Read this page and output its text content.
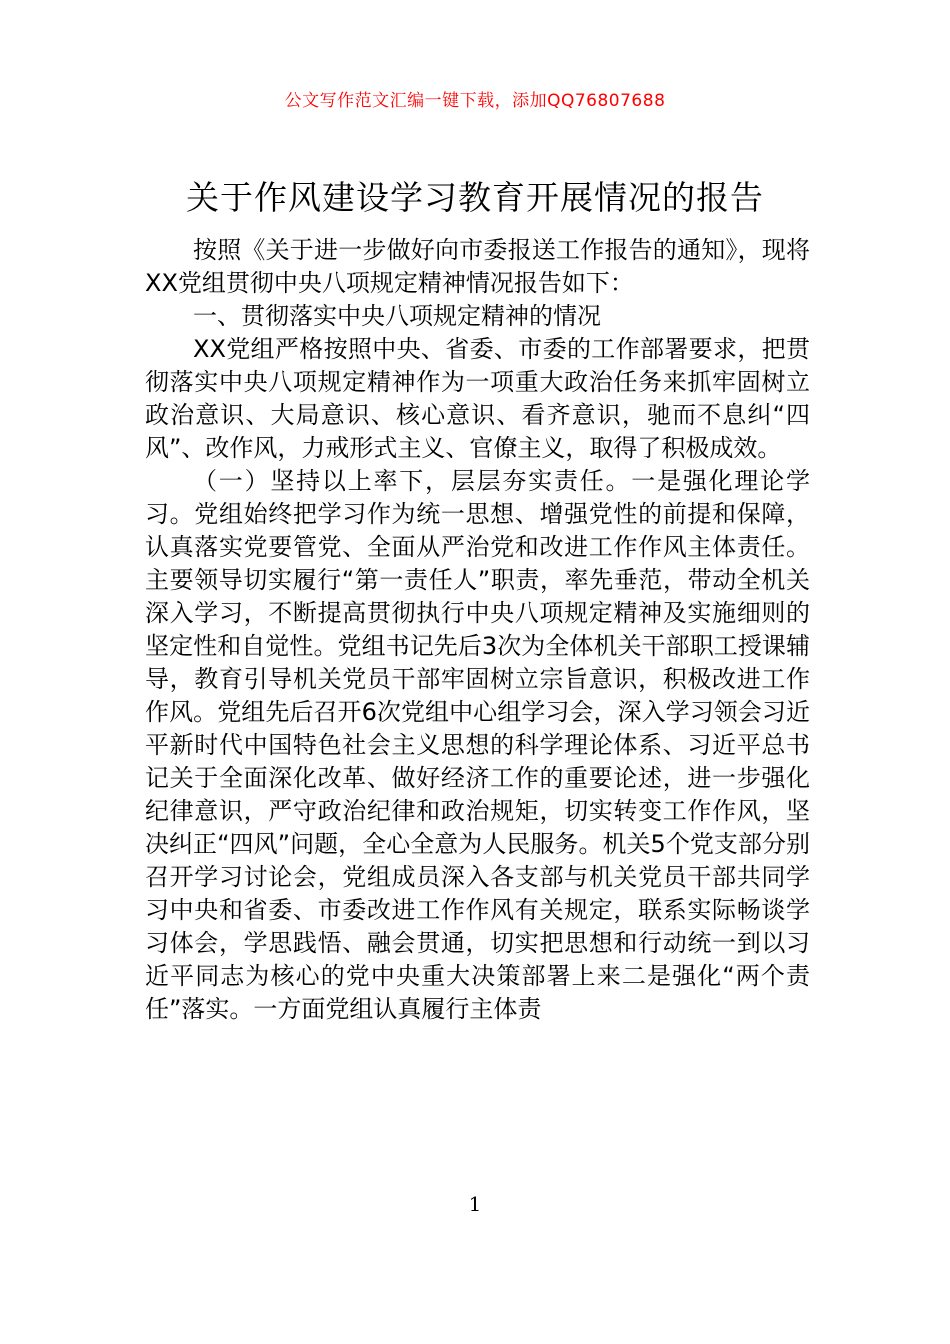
公文写作范文汇编一键下载，添加QQ76807688
关于作风建设学习教育开展情况的报告

按照《关于进一步做好向市委报送工作报告的通知》，现将XX党组贯彻中央八项规定精神情况报告如下：

一、贯彻落实中央八项规定精神的情况

XX党组严格按照中央、省委、市委的工作部署要求，把贯彻落实中央八项规定精神作为一项重大政治任务来抓牢固树立政治意识、大局意识、核心意识、看齐意识，驰而不息纠“四风”、改作风，力戒形式主义、官僚主义，取得了积极成效。

（一）坚持以上率下，层层夯实责任。一是强化理论学习。党组始终把学习作为统一思想、增强党性的前提和保障，认真落实党要管党、全面从严治党和改进工作作风主体责任。主要领导切实履行“第一责任人”职责，率先垂范，带动全机关深入学习，不断提高贯彻执行中央八项规定精神及实施细则的坚定性和自觉性。党组书记先后3次为全体机关干部职工授课辅导，教育引导机关党员干部牢固树立宗旨意识，积极改进工作作风。党组先后召开6次党组中心组学习会，深入学习领会习近平新时代中国特色社会主义思想的科学理论体系、习近平总书记关于全面深化改革、做好经济工作的重要论述，进一步强化纪律意识，严守政治纪律和政治规矩，切实转变工作作风，坚决纠正“四风”问题，全心全意为人民服务。机关5个党支部分别召开学习讨论会，党组成员深入各支部与机关党员干部共同学习中央和省委、市委改进工作作风有关规定，联系实际畅谈学习体会，学思践悟、融会贯通，切实把思想和行动统一到以习近平同志为核心的党中央重大决策部署上来二是强化“两个责任”落实。一方面党组认真履行主体责

1
